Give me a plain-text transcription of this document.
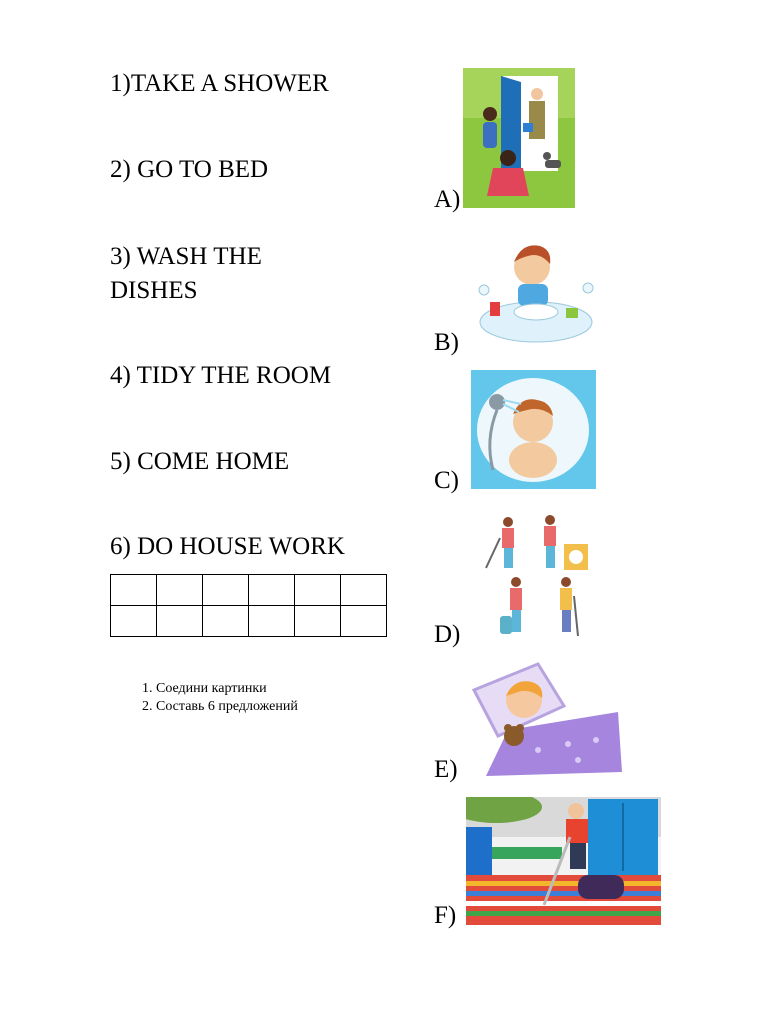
1)TAKE A SHOWER
2) GO TO BED
3) WASH THE DISHES
4) TIDY THE ROOM
5) COME HOME
6) DO HOUSE WORK

1. Соедини картинки
2. Составь 6 предложений
A)
B)
C)
D)
E)
F)
